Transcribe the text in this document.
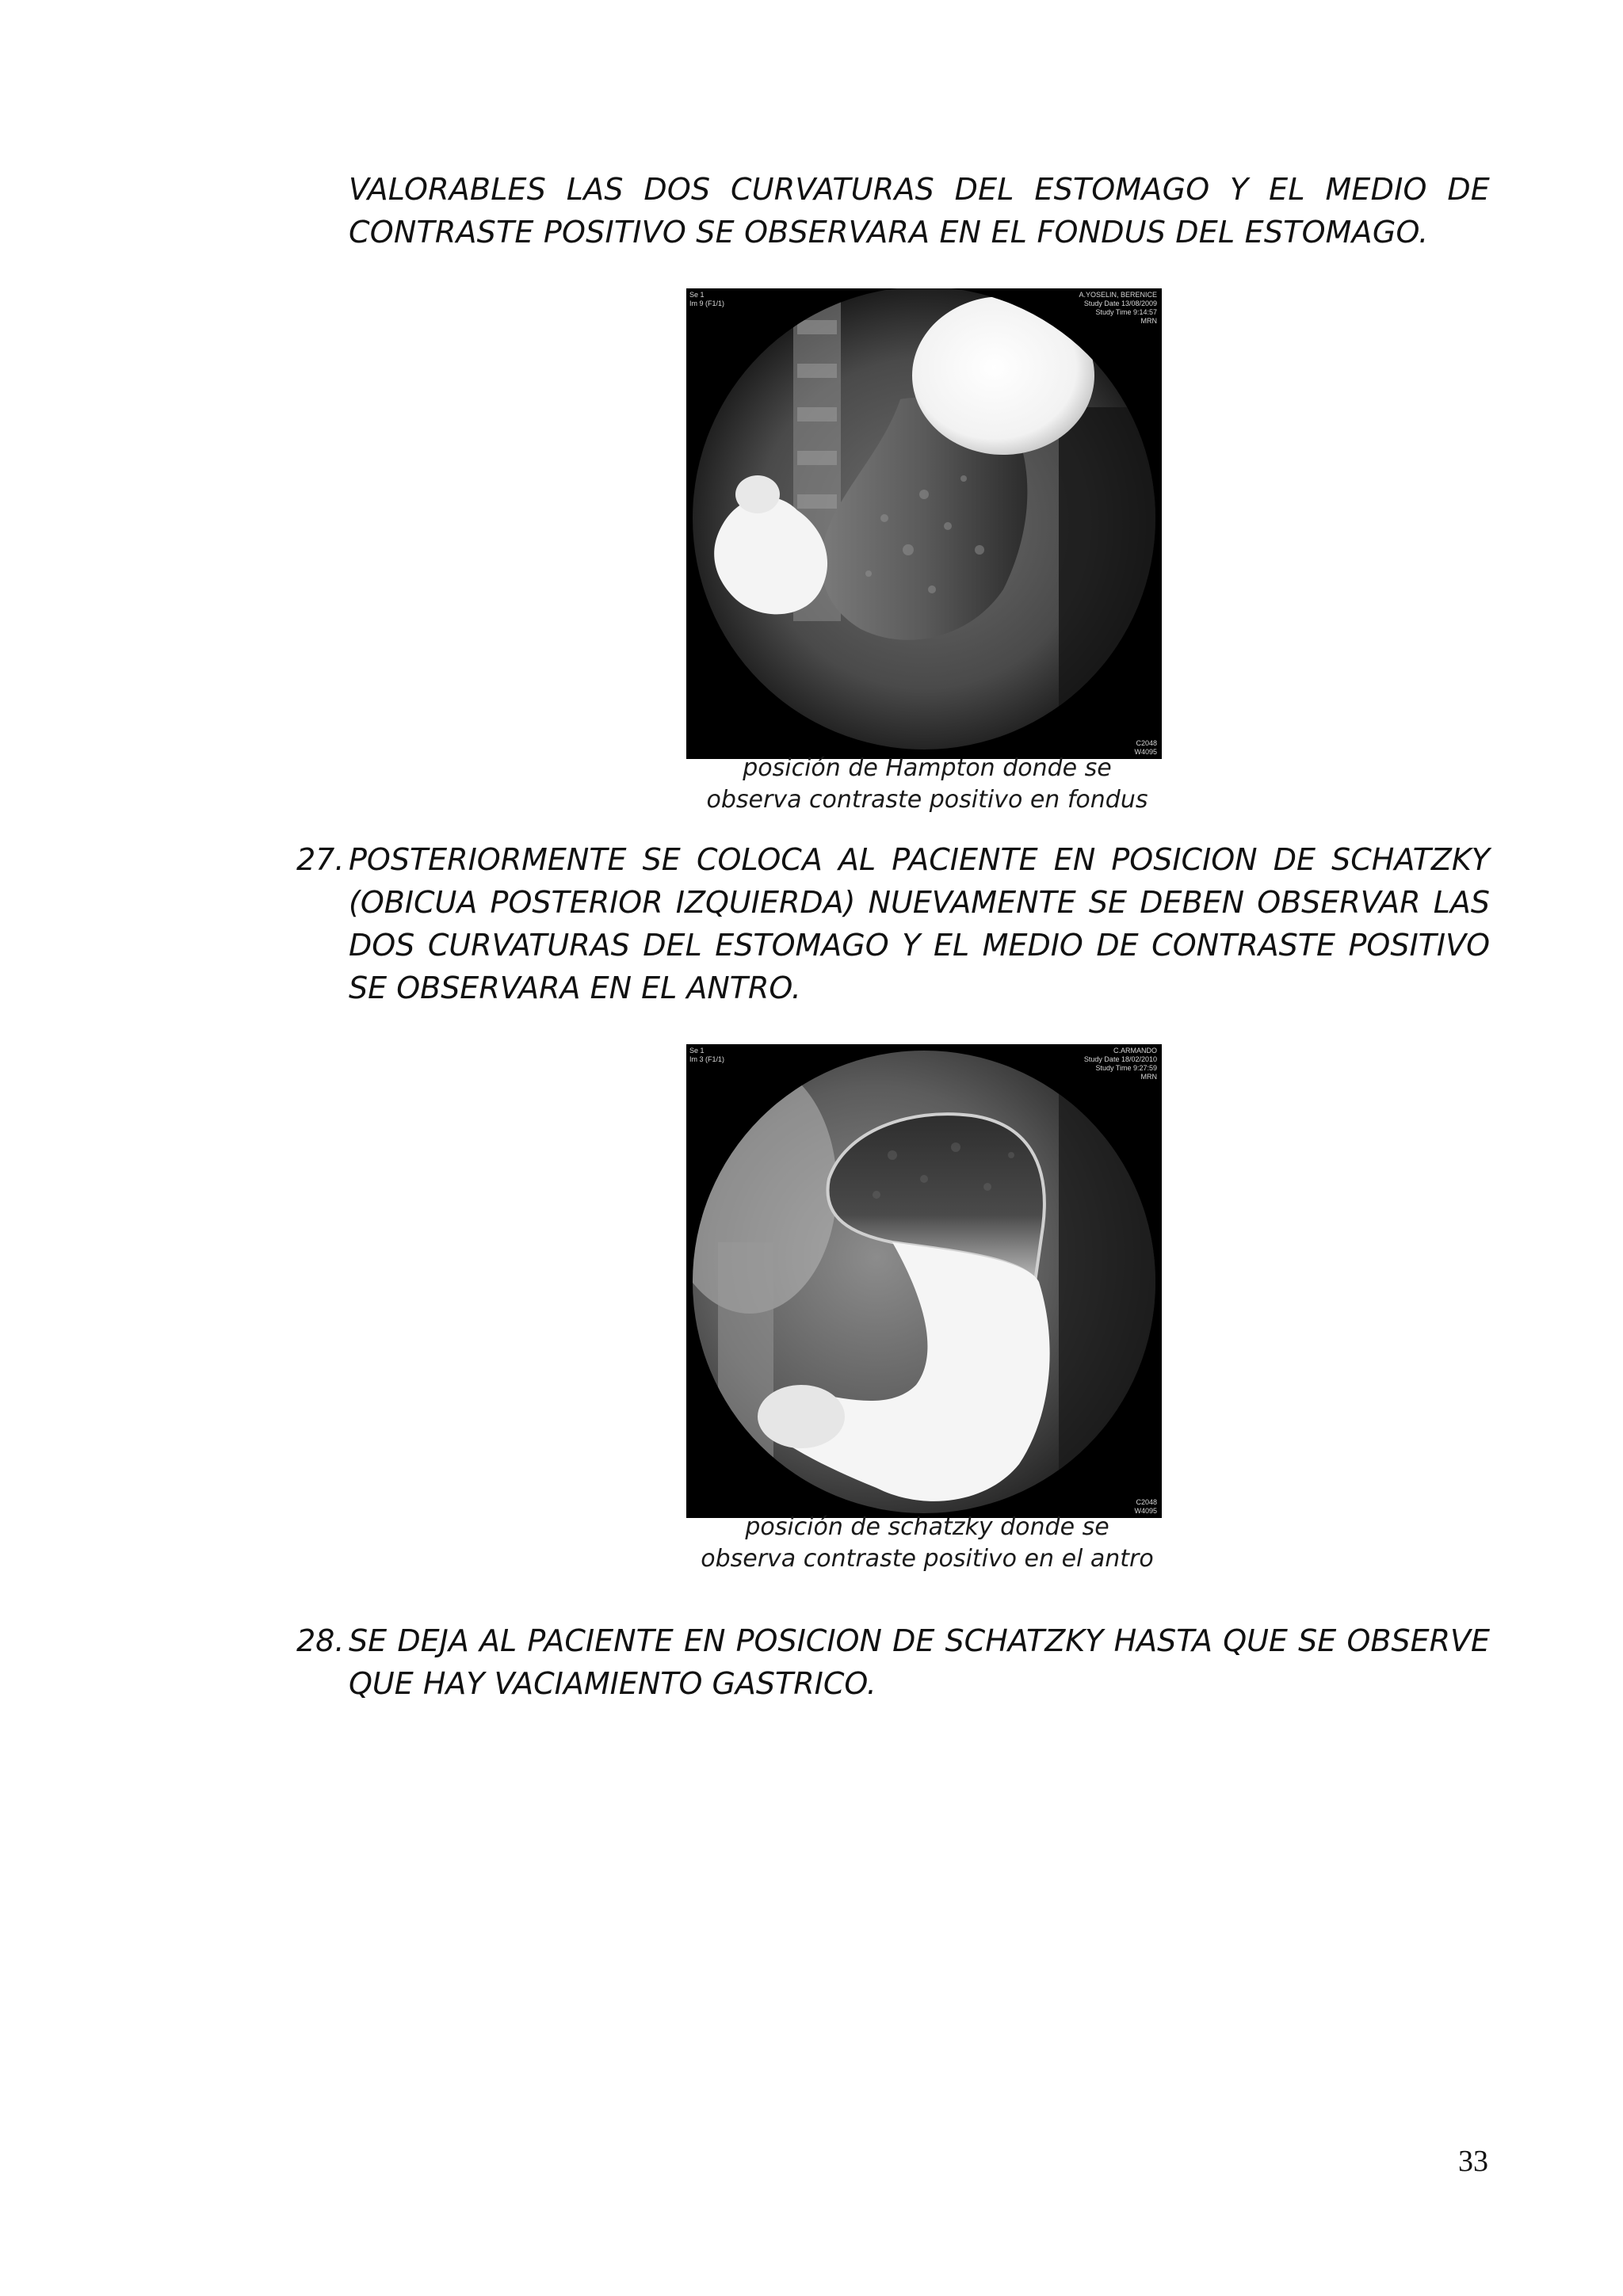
VALORABLES LAS DOS CURVATURAS DEL ESTOMAGO Y EL MEDIO DE CONTRASTE POSITIVO SE OBSERVARA EN EL FONDUS DEL ESTOMAGO.

Se 1
Im 9 (F1/1)
A.YOSELIN, BERENICE
Study Date 13/08/2009
Study Time 9:14:57
MRN
C2048
W4095
posición de Hampton donde se
observa contraste positivo en fondus
27. POSTERIORMENTE SE COLOCA AL PACIENTE EN POSICION DE SCHATZKY (OBICUA POSTERIOR IZQUIERDA) NUEVAMENTE SE DEBEN OBSERVAR LAS DOS CURVATURAS DEL ESTOMAGO Y EL MEDIO DE CONTRASTE POSITIVO SE OBSERVARA EN EL ANTRO.
Se 1
Im 3 (F1/1)
C.ARMANDO
Study Date 18/02/2010
Study Time 9:27:59
MRN
C2048
W4095
posición de schatzky donde se
observa contraste positivo en el antro
28. SE DEJA AL PACIENTE EN POSICION DE SCHATZKY HASTA QUE SE OBSERVE QUE HAY VACIAMIENTO GASTRICO.
33
